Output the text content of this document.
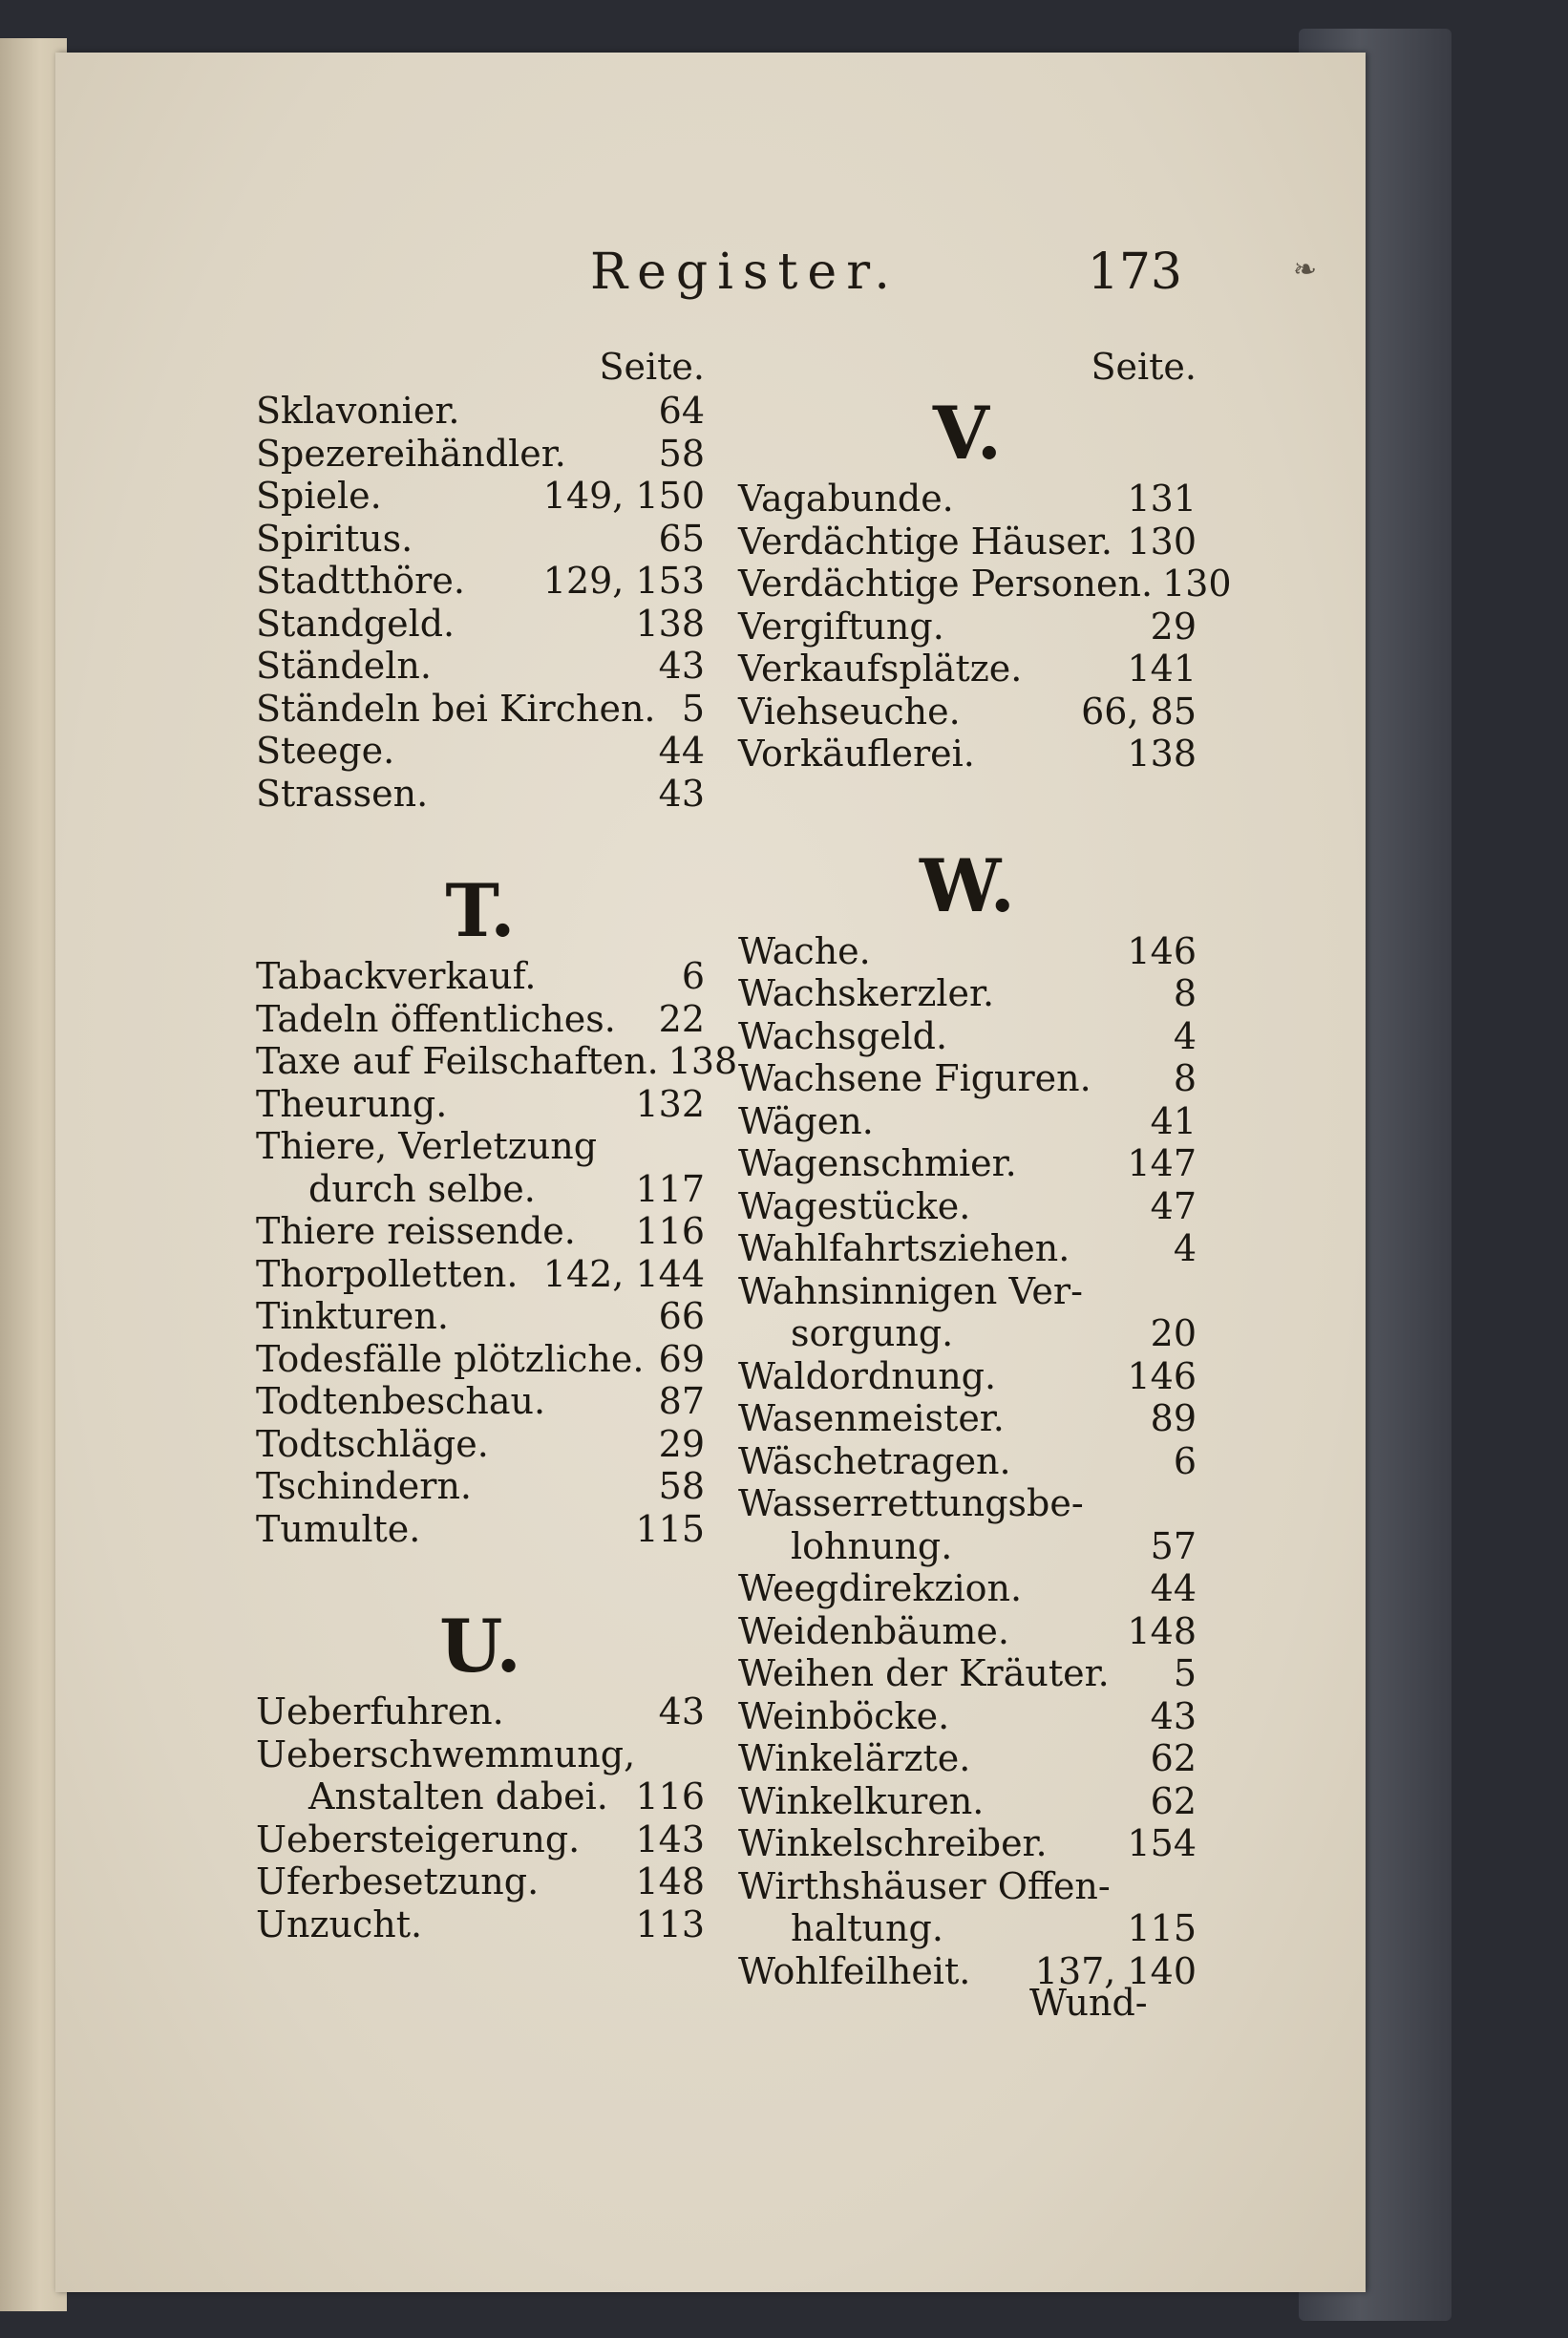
Register.	173
Seite.
Sklavonier.	64
Spezereihändler.	58
Spiele.	149, 150
Spiritus.	65
Stadtthöre. 129, 153
Standgeld.	138
Ständeln.	43
Ständeln bei Kirchen. 5
Steege.	44
Strassen.	43
T.
Tabackverkauf.	6
Tadeln öffentliches. 22
Taxe auf Feilschaften. 138
Theurung.	132
Thiere, Verletzung
durch selbe.	117
Thiere reissende. 116
Thorpolletten. 142, 144
Tinkturen.	66
Todesfälle plötzliche. 69
Todtenbeschau.	87
Todtschläge.	29
Tschindern.	58
Tumulte.	115
U.
Ueberfuhren.	43
Ueberschwemmung,
Anstalten dabei. 116
Uebersteigerung. 143
Uferbesetzung.	148
Unzucht.	113
Seite.
V.
Vagabunde.	131
Verdächtige Häuser. 130
Verdächtige Personen. 130
Vergiftung.	29
Verkaufsplätze.	141
Viehseuche.	66, 85
Vorkäuflerei.	138
W.
Wache.	146
Wachskerzler.	8
Wachsgeld.	4
Wachsene Figuren. 8
Wägen.	41
Wagenschmier.	147
Wagestücke.	47
Wahlfahrtsziehen.	4
Wahnsinnigen Ver-
sorgung.	20
Waldordnung.	146
Wasenmeister.	89
Wäschetragen.	6
Wasserrettungsbe-
lohnung.	57
Weegdirekzion.	44
Weidenbäume.	148
Weihen der Kräuter. 5
Weinböcke.	43
Winkelärzte.	62
Winkelkuren.	62
Winkelschreiber. 154
Wirthshäuser Offen-
haltung.	115
Wohlfeilheit. 137, 140
Wund-
❧
